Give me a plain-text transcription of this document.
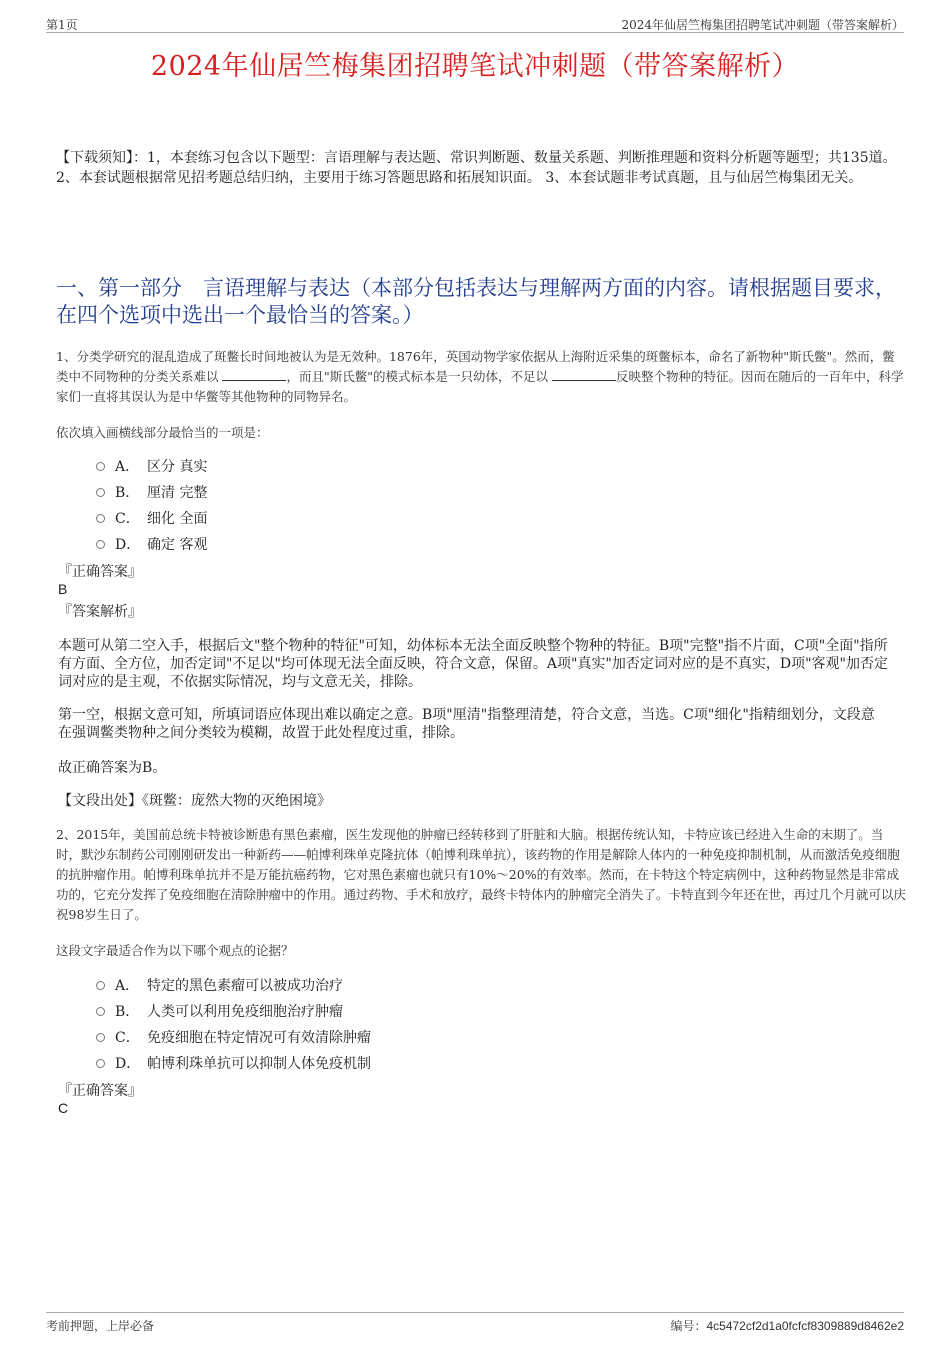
第1页	2024年仙居竺梅集团招聘笔试冲刺题（带答案解析）
2024年仙居竺梅集团招聘笔试冲刺题（带答案解析）
【下载须知】：1，本套练习包含以下题型：言语理解与表达题、常识判断题、数量关系题、判断推理题和资料分析题等题型；共135道。 2、本套试题根据常见招考题总结归纳，主要用于练习答题思路和拓展知识面。 3、本套试题非考试真题，且与仙居竺梅集团无关。
一、第一部分　言语理解与表达（本部分包括表达与理解两方面的内容。请根据题目要求，在四个选项中选出一个最恰当的答案。）
1、分类学研究的混乱造成了斑鳖长时间地被认为是无效种。1876年，英国动物学家依据从上海附近采集的斑鳖标本，命名了新物种"斯氏鳖"。然而，鳖类中不同物种的分类关系难以	，而且"斯氏鳖"的模式标本是一只幼体，不足以	反映整个物种的特征。因而在随后的一百年中，科学家们一直将其误认为是中华鳖等其他物种的同物异名。
依次填入画横线部分最恰当的一项是：
A． 区分 真实
B． 厘清 完整
C． 细化 全面
D． 确定 客观
『正确答案』
B
『答案解析』
本题可从第二空入手，根据后文"整个物种的特征"可知，幼体标本无法全面反映整个物种的特征。B项"完整"指不片面，C项"全面"指所有方面、全方位，加否定词"不足以"均可体现无法全面反映，符合文意，保留。A项"真实"加否定词对应的是不真实，D项"客观"加否定词对应的是主观，不依据实际情况，均与文意无关，排除。
第一空，根据文意可知，所填词语应体现出难以确定之意。B项"厘清"指整理清楚，符合文意，当选。C项"细化"指精细划分，文段意在强调鳖类物种之间分类较为模糊，故置于此处程度过重，排除。
故正确答案为B。
【文段出处】《斑鳖：庞然大物的灭绝困境》
2、2015年，美国前总统卡特被诊断患有黑色素瘤，医生发现他的肿瘤已经转移到了肝脏和大脑。根据传统认知，卡特应该已经进入生命的末期了。当时，默沙东制药公司刚刚研发出一种新药——帕博利珠单克隆抗体（帕博利珠单抗），该药物的作用是解除人体内的一种免疫抑制机制，从而激活免疫细胞的抗肿瘤作用。帕博利珠单抗并不是万能抗癌药物，它对黑色素瘤也就只有10%～20%的有效率。然而，在卡特这个特定病例中，这种药物显然是非常成功的，它充分发挥了免疫细胞在清除肿瘤中的作用。通过药物、手术和放疗，最终卡特体内的肿瘤完全消失了。卡特直到今年还在世，再过几个月就可以庆祝98岁生日了。
这段文字最适合作为以下哪个观点的论据？
A． 特定的黑色素瘤可以被成功治疗
B． 人类可以利用免疫细胞治疗肿瘤
C． 免疫细胞在特定情况可有效清除肿瘤
D． 帕博利珠单抗可以抑制人体免疫机制
『正确答案』
C
考前押题，上岸必备	编号：4c5472cf2d1a0fcfcf8309889d8462e2
